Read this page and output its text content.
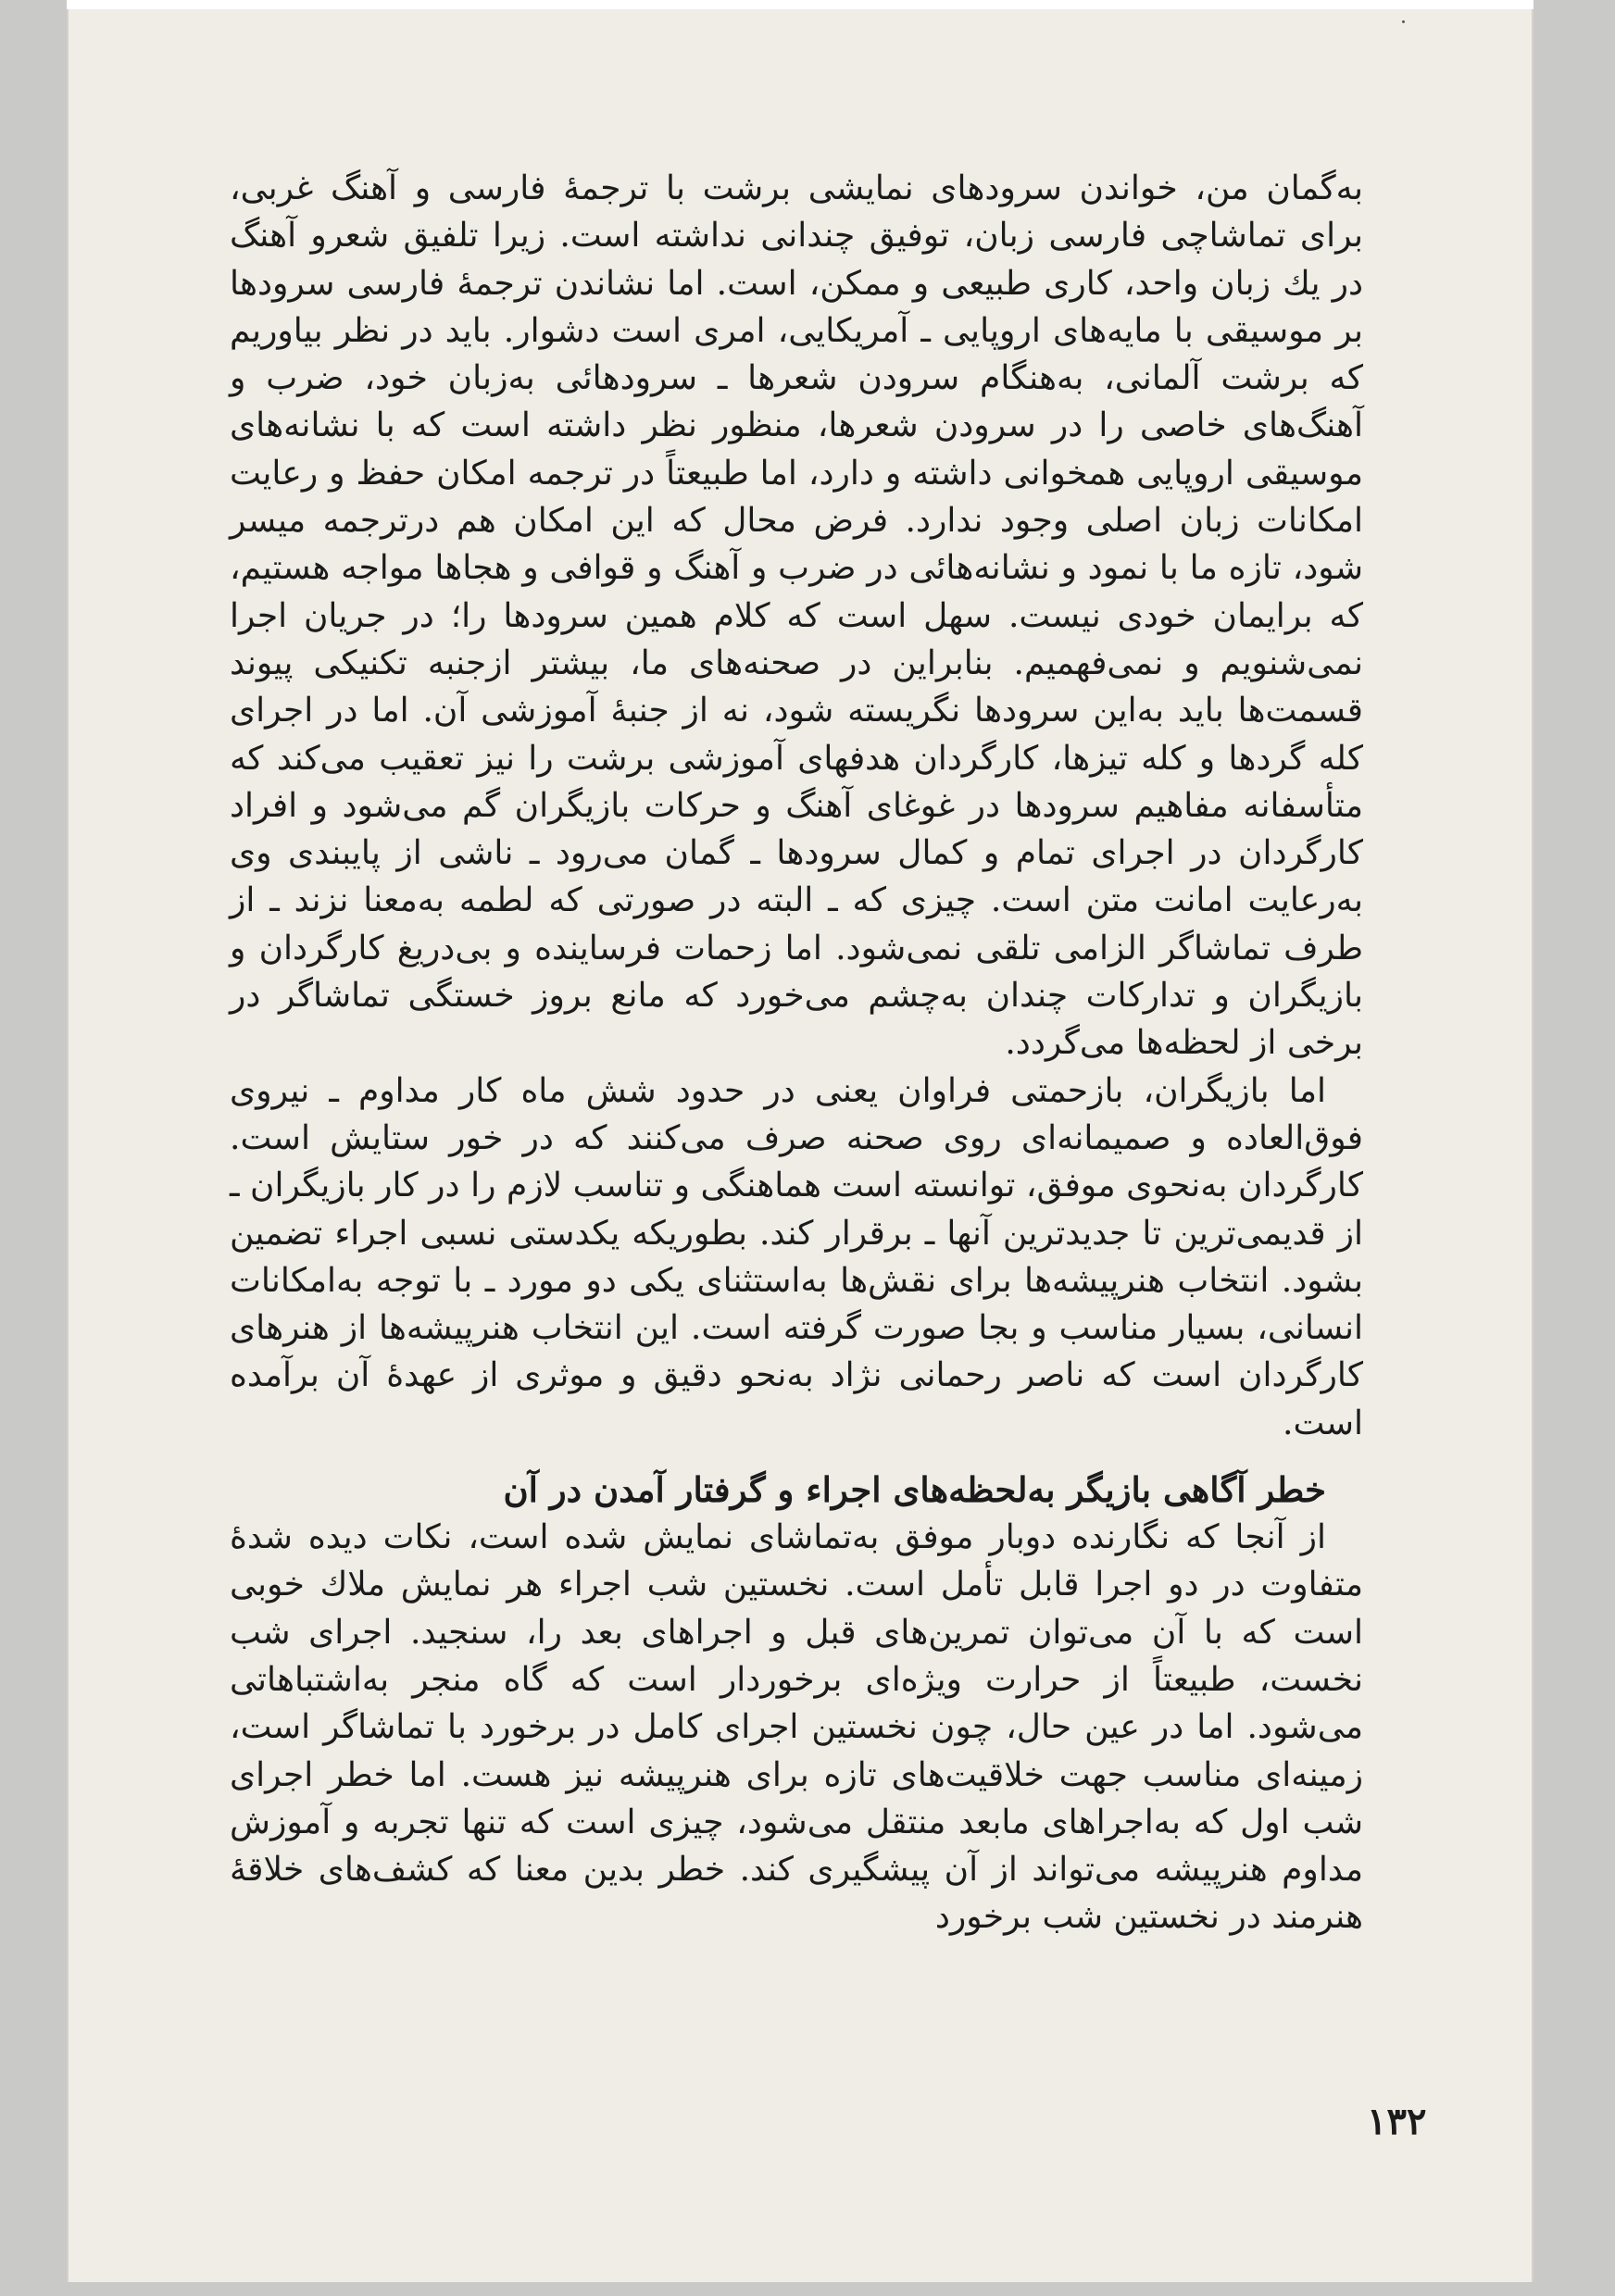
به‌گمان من، خواندن سرودهای نمایشی برشت با ترجمهٔ فارسی و آهنگ غربی، برای تماشاچی فارسی زبان، توفیق چندانی نداشته است. زیرا تلفیق شعرو آهنگ در یك زبان واحد، کاری طبیعی و ممکن، است. اما نشاندن ترجمهٔ فارسی سرودها بر موسیقی با مایه‌های اروپایی ـ آمریکایی، امری است دشوار. باید در نظر بیاوریم که برشت آلمانی، به‌هنگام سرودن شعرها ـ سرودهائی به‌زبان خود، ضرب و آهنگ‌های خاصی را در سرودن شعرها، منظور نظر داشته است که با نشانه‌های موسیقی اروپایی همخوانی داشته و دارد، اما طبیعتاً در ترجمه امکان حفظ و رعایت امکانات زبان اصلی وجود ندارد. فرض محال که این امکان هم درترجمه میسر شود، تازه ما با نمود و نشانه‌هائی در ضرب و آهنگ و قوافی و هجاها مواجه هستیم، که برایمان خودی نیست. سهل است که کلام همین سرودها را؛ در جریان اجرا نمی‌شنویم و نمی‌فهمیم. بنابراین در صحنه‌های ما، بیشتر ازجنبه تکنیکی پیوند قسمت‌ها باید به‌این سرودها نگریسته شود، نه از جنبهٔ آموزشی آن. اما در اجرای کله گردها و کله تیزها، کارگردان هدفهای آموزشی برشت را نیز تعقیب می‌کند که متأسفانه مفاهیم سرودها در غوغای آهنگ و حرکات بازیگران گم می‌شود و افراد کارگردان در اجرای تمام و کمال سرودها ـ گمان می‌رود ـ ناشی از پایبندی وی به‌رعایت امانت متن است. چیزی که ـ البته در صورتی که لطمه به‌معنا نزند ـ از طرف تماشاگر الزامی تلقی نمی‌شود. اما زحمات فرساینده و بی‌دریغ کارگردان و بازیگران و تدارکات چندان به‌چشم می‌خورد که مانع بروز خستگی تماشاگر در برخی از لحظه‌ها می‌گردد.

اما بازیگران، بازحمتی فراوان یعنی در حدود شش ماه کار مداوم ـ نیروی فوق‌العاده و صمیمانه‌ای روی صحنه صرف می‌کنند که در خور ستایش است. کارگردان به‌نحوی موفق، توانسته است هماهنگی و تناسب لازم را در کار بازیگران ـ از قدیمی‌ترین تا جدیدترین آنها ـ برقرار کند. بطوریکه یکدستی نسبی اجراء تضمین بشود. انتخاب هنرپیشه‌ها برای نقش‌ها به‌استثنای یکی دو مورد ـ با توجه به‌امکانات انسانی، بسیار مناسب و بجا صورت گرفته است. این انتخاب هنرپیشه‌ها از هنرهای کارگردان است که ناصر رحمانی نژاد به‌نحو دقیق و موثری از عهدهٔ آن برآمده است.

خطر آگاهی بازیگر به‌لحظه‌های اجراء و گرفتار آمدن در آن

از آنجا که نگارنده دوبار موفق به‌تماشای نمایش شده است، نکات دیده شدهٔ متفاوت در دو اجرا قابل تأمل است. نخستین شب اجراء هر نمایش ملاك خوبی است که با آن می‌توان تمرین‌های قبل و اجراهای بعد را، سنجید. اجرای شب نخست، طبیعتاً از حرارت ویژه‌ای برخوردار است که گاه منجر به‌اشتباهاتی می‌شود. اما در عین حال، چون نخستین اجرای کامل در برخورد با تماشاگر است، زمینه‌ای مناسب جهت خلاقیت‌های تازه برای هنرپیشه نیز هست. اما خطر اجرای شب اول که به‌اجراهای مابعد منتقل می‌شود، چیزی است که تنها تجربه و آموزش مداوم هنرپیشه می‌تواند از آن پیشگیری کند. خطر بدین معنا که کشف‌های خلاقهٔ هنرمند در نخستین شب برخورد

۱۳۲
